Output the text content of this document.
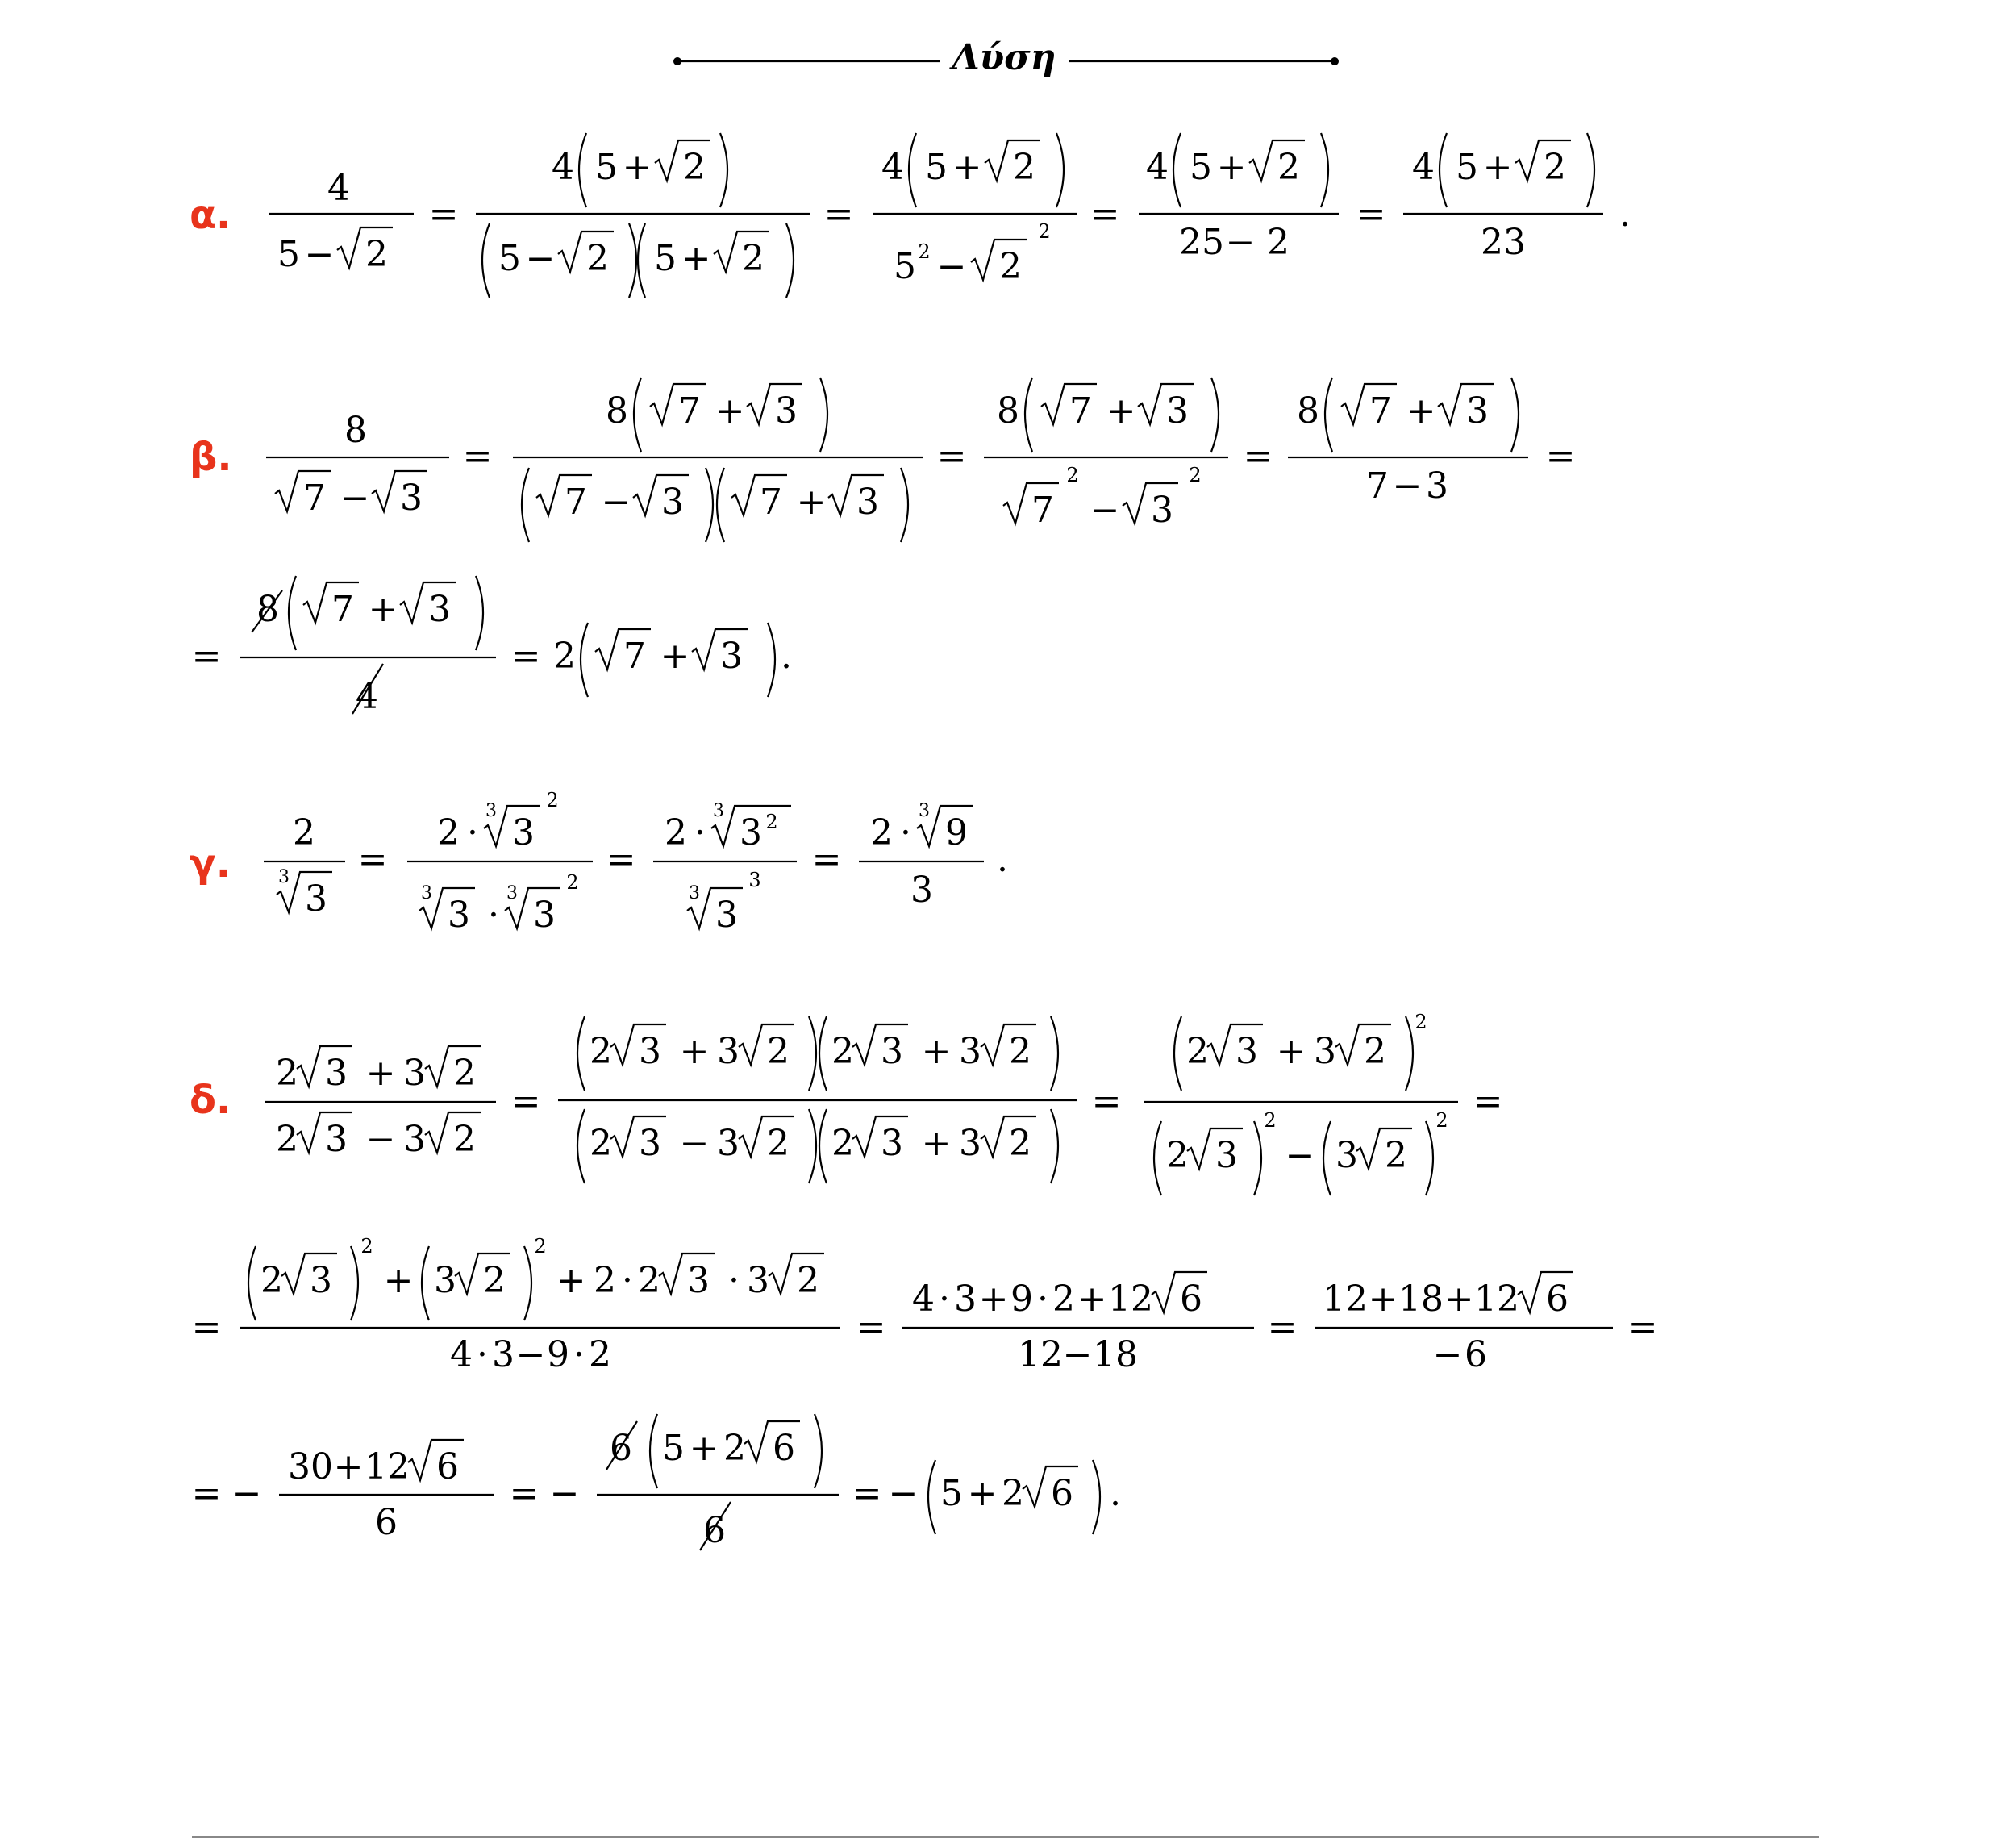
Λύση
α.
4
5 − 2
=
4 5 + 2
5 − 2 5 + 2
=
4 5 + 2
5 2 − 2
2 =
4 5 + 2
25 − 2
=
4 5 + 2
23
.
β.
8
7 − 3
=
8 7 + 3
7 − 3 7 + 3
=
8 7 + 3
7
2
− 3
2 =
8 7 + 3
7 − 3
=
=
8 7 + 3
4
= 2 7 + 3 .
γ.
2
3
3
=
2 ·
3
3
2
3
3 ·
3
3
2
=
2 ·
3
3 2
3
3
3 =
2 ·
3
9
3
.
δ.
2 3 + 3 2
2 3 − 3 2
=
2 3 + 3 2 2 3 + 3 2
2 3 − 3 2 2 3 + 3 2
=
2 3 + 3 2
2
2 3
2
− 3 2
2 =
=
2 3
2
+ 3 2
2
+ 2 · 2 3 · 3 2
4 · 3 − 9 · 2
=
4 · 3 + 9 · 2 + 12 6
12 − 18
=
12 + 18 + 12 6
− 6
=
= −
30 + 12 6
6
= −
6 5 + 2 6
6
= − 5 + 2 6 .
